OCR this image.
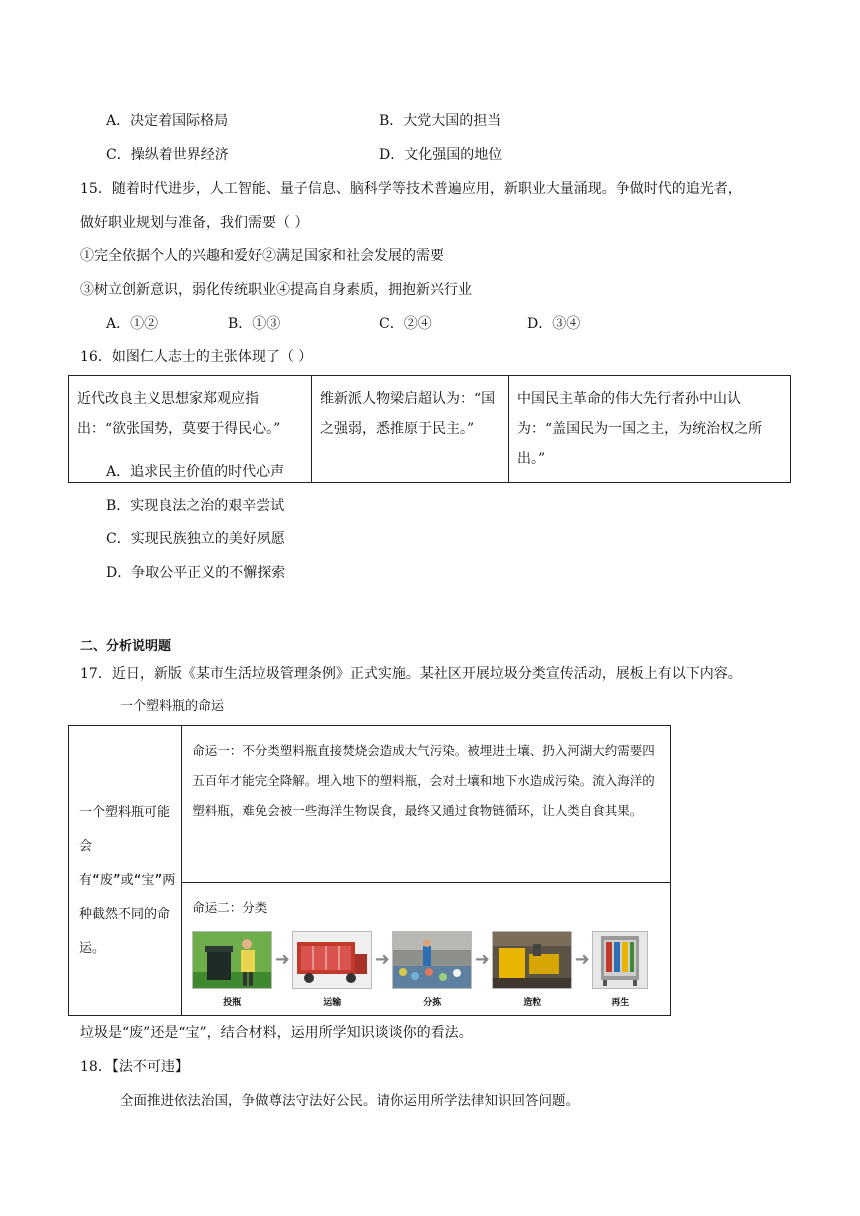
A．决定着国际格局	B．大党大国的担当
C．操纵着世界经济	D．文化强国的地位
15．随着时代进步，人工智能、量子信息、脑科学等技术普遍应用，新职业大量涌现。争做时代的追光者，
做好职业规划与准备，我们需要（ ）
①完全依据个人的兴趣和爱好②满足国家和社会发展的需要
③树立创新意识，弱化传统职业④提高自身素质，拥抱新兴行业
A．①②	B．①③	C．②④	D．③④
16．如图仁人志士的主张体现了（ ）
近代改良主义思想家郑观应指出：“欲张国势，莫要于得民心。”	维新派人物梁启超认为：“国之强弱，悉推原于民主。”	中国民主革命的伟大先行者孙中山认为：“盖国民为一国之主，为统治权之所出。”
A．追求民主价值的时代心声
B．实现良法之治的艰辛尝试
C．实现民族独立的美好夙愿
D．争取公平正义的不懈探索
二、分析说明题
17．近日，新版《某市生活垃圾管理条例》正式实施。某社区开展垃圾分类宣传活动，展板上有以下内容。
一个塑料瓶的命运
一个塑料瓶可能会有“废”或“宝”两种截然不同的命运。	命运一：不分类塑料瓶直接焚烧会造成大气污染。被埋进土壤、扔入河湖大约需要四五百年才能完全降解。埋入地下的塑料瓶，会对土壤和地下水造成污染。流入海洋的塑料瓶，难免会被一些海洋生物误食，最终又通过食物链循环，让人类自食其果。

命运二：分类
投瓶
➜
运输
➜
分拣
➜
造粒
➜
再生
垃圾是“废”还是“宝”，结合材料，运用所学知识谈谈你的看法。
18．【法不可违】
全面推进依法治国，争做尊法守法好公民。请你运用所学法律知识回答问题。
